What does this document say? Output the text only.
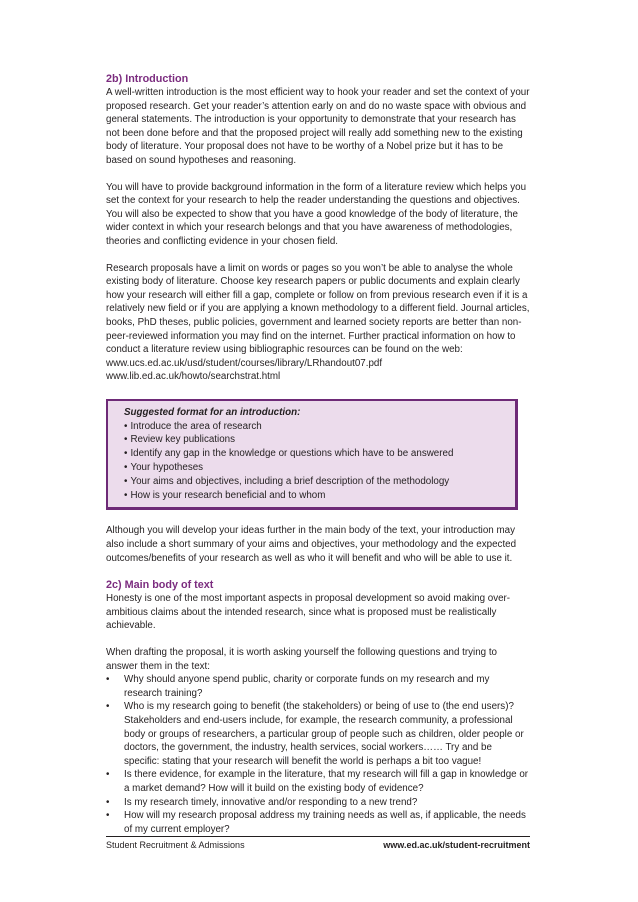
2b) Introduction

A well-written introduction is the most efficient way to hook your reader and set the context of your proposed research. Get your reader’s attention early on and do no waste space with obvious and general statements. The introduction is your opportunity to demonstrate that your research has not been done before and that the proposed project will really add something new to the existing body of literature. Your proposal does not have to be worthy of a Nobel prize but it has to be based on sound hypotheses and reasoning.

You will have to provide background information in the form of a literature review which helps you set the context for your research to help the reader understanding the questions and objectives. You will also be expected to show that you have a good knowledge of the body of literature, the wider context in which your research belongs and that you have awareness of methodologies, theories and conflicting evidence in your chosen field.

Research proposals have a limit on words or pages so you won’t be able to analyse the whole existing body of literature. Choose key research papers or public documents and explain clearly how your research will either fill a gap, complete or follow on from previous research even if it is a relatively new field or if you are applying a known methodology to a different field. Journal articles, books, PhD theses, public policies, government and learned society reports are better than non-peer-reviewed information you may find on the internet. Further practical information on how to conduct a literature review using bibliographic resources can be found on the web:

www.ucs.ed.ac.uk/usd/student/courses/library/LRhandout07.pdf
www.lib.ed.ac.uk/howto/searchstrat.html
Suggested format for an introduction:
• Introduce the area of research
• Review key publications
• Identify any gap in the knowledge or questions which have to be answered
• Your hypotheses
• Your aims and objectives, including a brief description of the methodology
• How is your research beneficial and to whom

Although you will develop your ideas further in the main body of the text, your introduction may also include a short summary of your aims and objectives, your methodology and the expected outcomes/benefits of your research as well as who it will benefit and who will be able to use it.

2c) Main body of text

Honesty is one of the most important aspects in proposal development so avoid making over-ambitious claims about the intended research, since what is proposed must be realistically achievable.

When drafting the proposal, it is worth asking yourself the following questions and trying to answer them in the text:

• Why should anyone spend public, charity or corporate funds on my research and my research training?
• Who is my research going to benefit (the stakeholders) or being of use to (the end users)? Stakeholders and end-users include, for example, the research community, a professional body or groups of researchers, a particular group of people such as children, older people or doctors, the government, the industry, health services, social workers…… Try and be specific: stating that your research will benefit the world is perhaps a bit too vague!
• Is there evidence, for example in the literature, that my research will fill a gap in knowledge or a market demand? How will it build on the existing body of evidence?
• Is my research timely, innovative and/or responding to a new trend?
• How will my research proposal address my training needs as well as, if applicable, the needs of my current employer?
Student Recruitment & Admissions	www.ed.ac.uk/student-recruitment
